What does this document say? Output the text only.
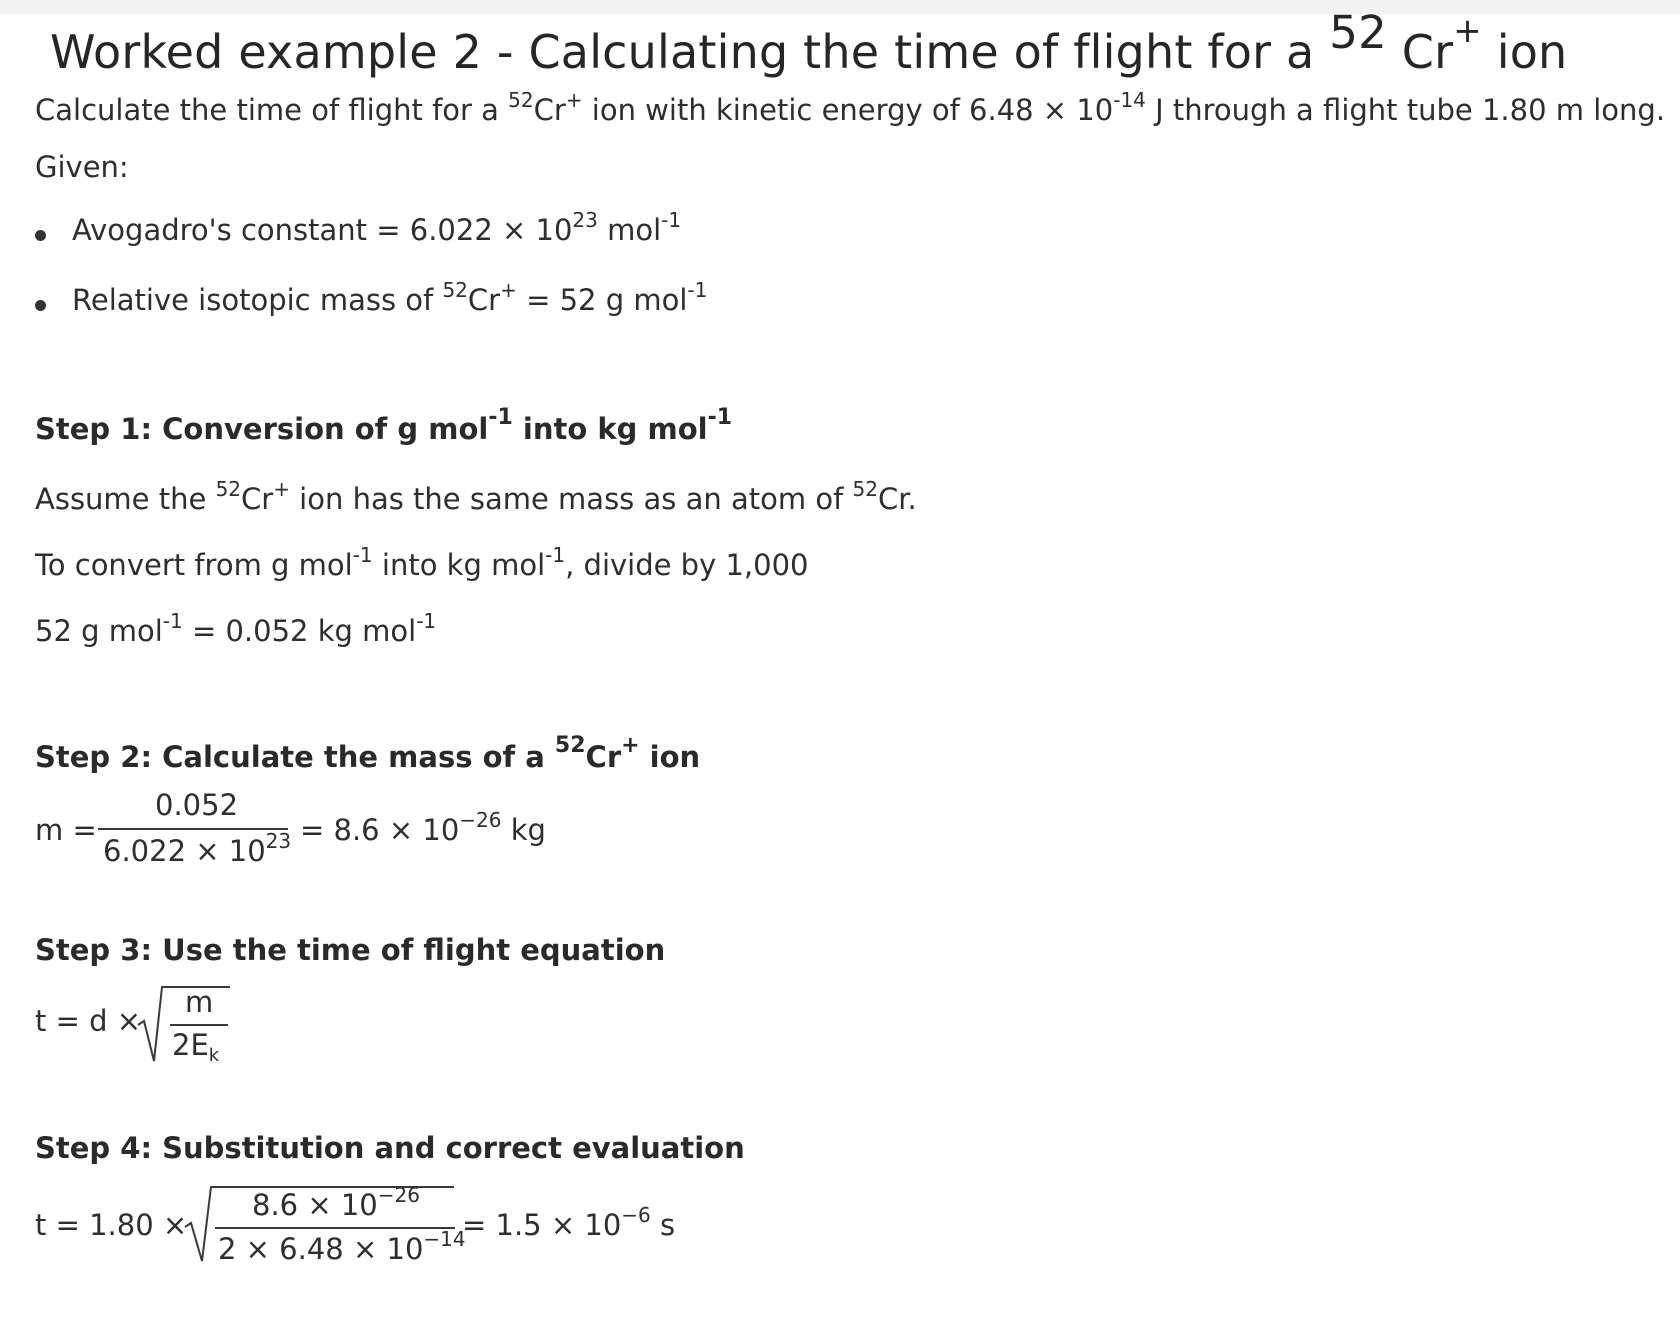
Worked example 2 - Calculating the time of flight for a $^{52}$ Cr+ ion
Calculate the time of flight for a $^{52}$Cr+ ion with kinetic energy of $6.48 \times 10^{-14}$ J through a flight tube 1.80 m long.
Given:
Avogadro's constant = $6.022 \times 10^{23}$ mol$^{-1}$
Relative isotopic mass of $^{52}$Cr+ = 52 g mol$^{-1}$
Step 1: Conversion of g mol$^{-1}$ into kg mol$^{-1}$
Assume the $^{52}$Cr+ ion has the same mass as an atom of $^{52}$Cr.
To convert from g mol$^{-1}$ into kg mol$^{-1}$, divide by 1,000
52 g mol$^{-1}$ = 0.052 kg mol$^{-1}$
Step 2: Calculate the mass of a $^{52}$Cr+ ion
m =
0.052
$6.022 \times 10^{23} = 8.6 \times 10^{-26}$ kg
Step 3: Use the time of flight equation
t = d ×
m
$2E_k$
Step 4: Substitution and correct evaluation
t = 1.80 ×
$8.6 \times 10^{-26}$
$2 \times 6.48 \times 10^{-14}$
= $1.5 \times 10^{-6}$ s
